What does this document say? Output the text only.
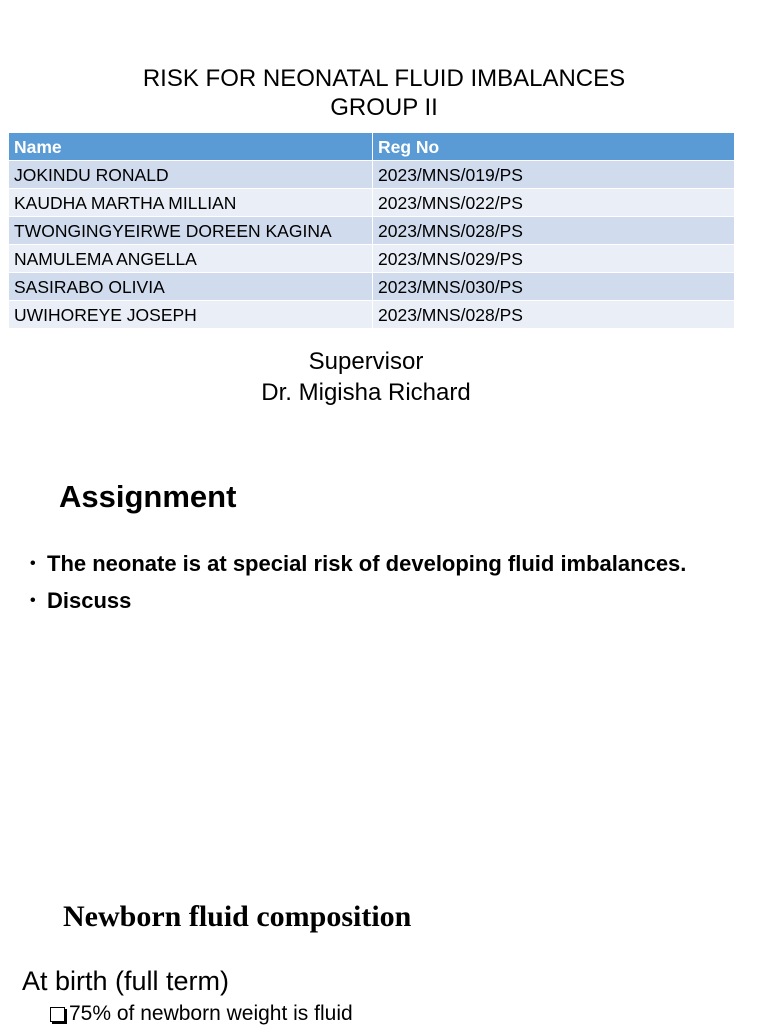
RISK FOR NEONATAL FLUID IMBALANCES
GROUP II
Name	Reg No
JOKINDU RONALD	2023/MNS/019/PS
KAUDHA MARTHA MILLIAN	2023/MNS/022/PS
TWONGINGYEIRWE DOREEN KAGINA	2023/MNS/028/PS
NAMULEMA ANGELLA	2023/MNS/029/PS
SASIRABO OLIVIA	2023/MNS/030/PS
UWIHOREYE JOSEPH	2023/MNS/028/PS
Supervisor
Dr. Migisha Richard
Assignment
• The neonate is at special risk of developing fluid imbalances.
• Discuss
Newborn fluid composition
At birth (full term)
75% of newborn weight is fluid
